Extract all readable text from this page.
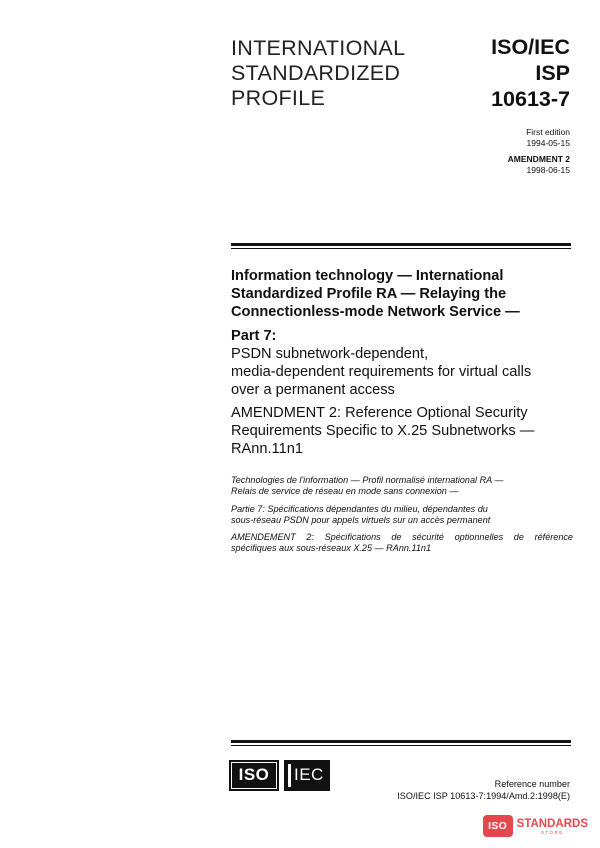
INTERNATIONAL
STANDARDIZED
PROFILE
ISO/IEC
ISP
10613-7
First edition
1994-05-15
AMENDMENT 2
1998-06-15
Information technology — International
Standardized Profile RA — Relaying the
Connectionless-mode Network Service —
Part 7:
PSDN subnetwork-dependent,
media-dependent requirements for virtual calls
over a permanent access
AMENDMENT 2: Reference Optional Security
Requirements Specific to X.25 Subnetworks —
RAnn.11n1

Technologies de l'information — Profil normalisé international RA —
Relais de service de réseau en mode sans connexion —

Partie 7: Spécifications dépendantes du milieu, dépendantes du
sous-réseau PSDN pour appels virtuels sur un accès permanent

AMENDEMENT 2: Spécifications de sécurité optionnelles de référence
spécifiques aux sous-réseaux X.25 — RAnn.11n1

ISO	IEC	Reference number
ISO/IEC ISP 10613-7:1994/Amd.2:1998(E)
ISO STANDARDS
STORE
